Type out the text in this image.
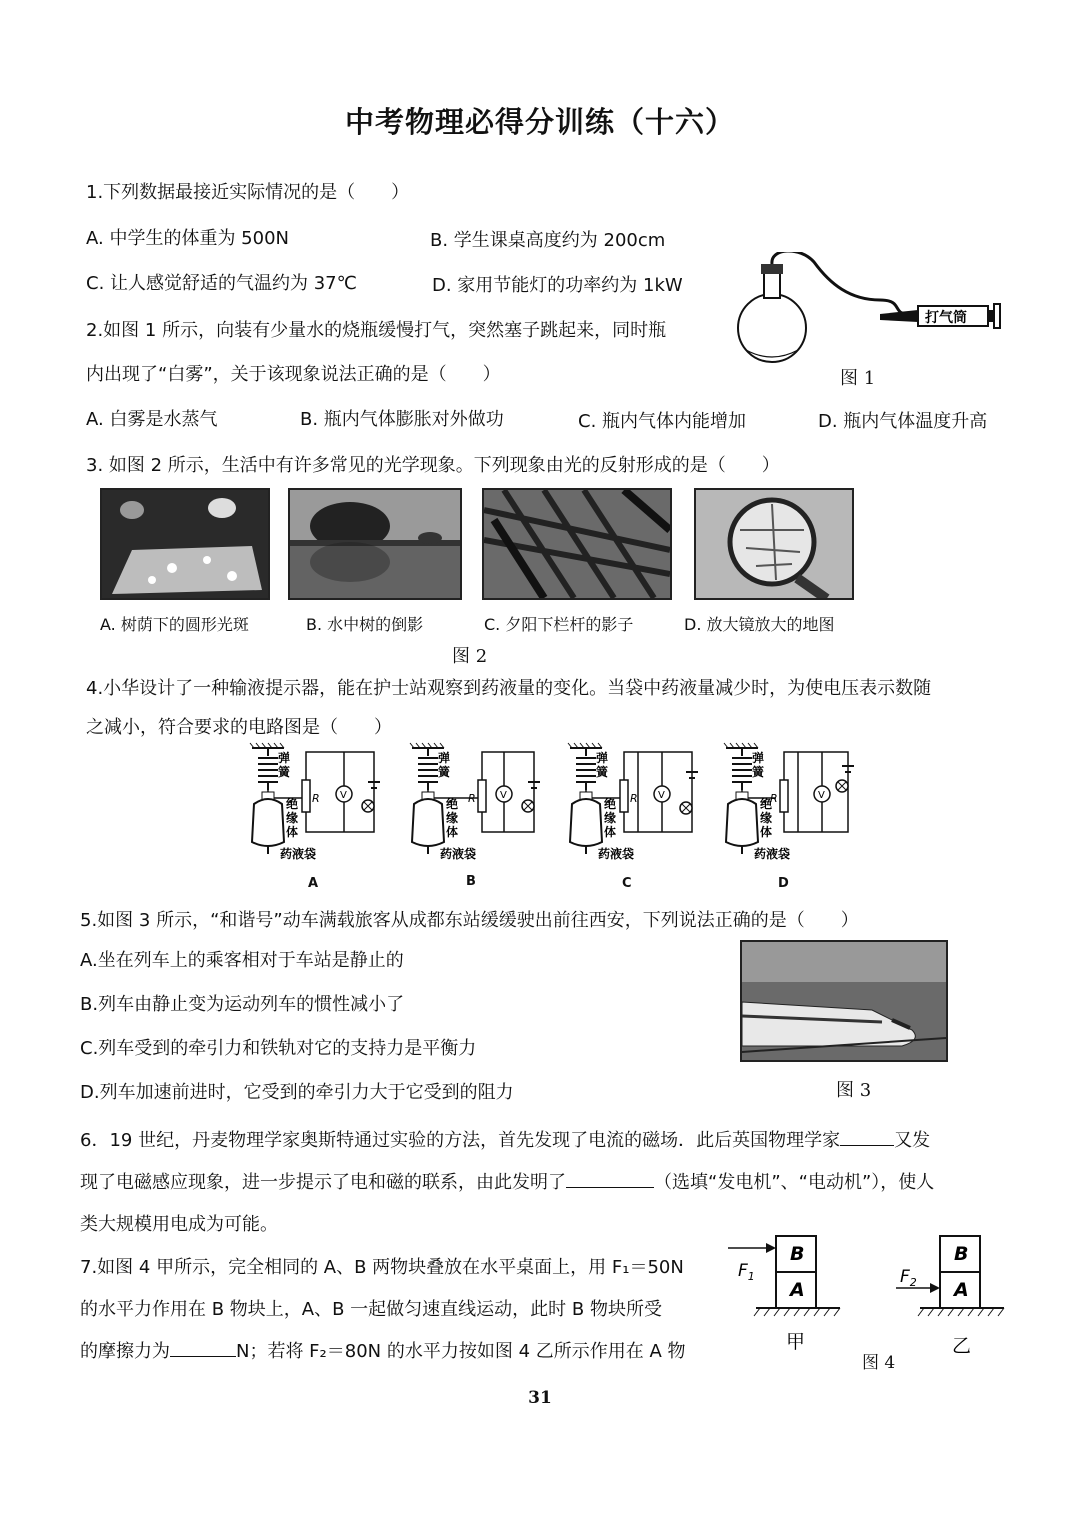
中考物理必得分训练（十六）
1.下列数据最接近实际情况的是（　　）
A. 中学生的体重为 500N	B. 学生课桌高度约为 200cm
C. 让人感觉舒适的气温约为 37℃	D. 家用节能灯的功率约为 1kW
打气筒
图 1
2.如图 1 所示，向装有少量水的烧瓶缓慢打气，突然塞子跳起来，同时瓶
内出现了“白雾”，关于该现象说法正确的是（　　）
A. 白雾是水蒸气	B. 瓶内气体膨胀对外做功	C. 瓶内气体内能增加	D. 瓶内气体温度升高
3. 如图 2 所示，生活中有许多常见的光学现象。下列现象由光的反射形成的是（　　）
A. 树荫下的圆形光斑	B. 水中树的倒影	C. 夕阳下栏杆的影子	D. 放大镜放大的地图
图 2
4.小华设计了一种输液提示器，能在护士站观察到药液量的变化。当袋中药液量减少时，为使电压表示数随
之减小，符合要求的电路图是（　　）
弹
簧
绝
缘
体
药液袋
R V
A
弹
簧
绝
缘
体
药液袋
R V
B
弹
簧
绝
缘
体
药液袋
R V
C
弹
簧
绝
缘
体
药液袋
R	V
D
5.如图 3 所示，“和谐号”动车满载旅客从成都东站缓缓驶出前往西安，下列说法正确的是（　　）
A.坐在列车上的乘客相对于车站是静止的
B.列车由静止变为运动列车的惯性减小了
C.列车受到的牵引力和铁轨对它的支持力是平衡力
D.列车加速前进时，它受到的牵引力大于它受到的阻力	图 3
6．19 世纪，丹麦物理学家奥斯特通过实验的方法，首先发现了电流的磁场．此后英国物理学家	又发
现了电磁感应现象，进一步提示了电和磁的联系，由此发明了	（选填“发电机”、“电动机”），使人
类大规模用电成为可能。
7.如图 4 甲所示，完全相同的 A、B 两物块叠放在水平桌面上，用 F₁＝50N
的水平力作用在 B 物块上，A、B 一起做匀速直线运动，此时 B 物块所受
的摩擦力为	N；若将 F₂＝80N 的水平力按如图 4 乙所示作用在 A 物
B
A
$F_1$
甲
B
A
$F_2$
乙
图 4
31
